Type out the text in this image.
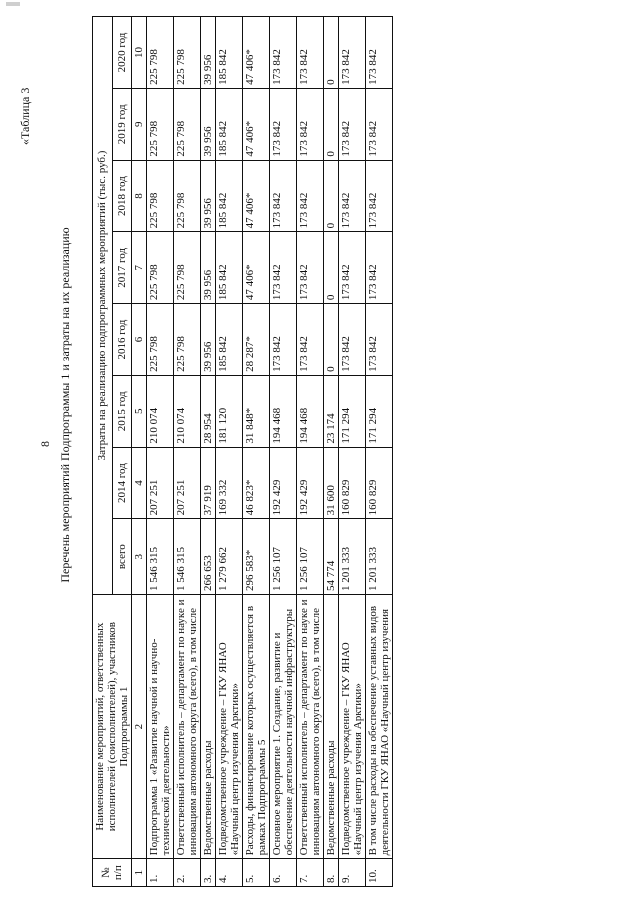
«Таблица 3
8 Перечень мероприятий Подпрограммы 1 и затраты на их реализацию
№ п/п	Наименование мероприятий, ответственных исполнителей (соисполнителей), участников Подпрограммы 1	Затраты на реализацию подпрограммных мероприятий (тыс. руб.)							
		всего	2014 год	2015 год	2016 год	2017 год	2018 год	2019 год	2020 год
1	2	3	4	5	6	7	8	9	10
1.	Подпрограмма 1 «Развитие научной и научно-технической деятельности»	1 546 315	207 251	210 074	225 798	225 798	225 798	225 798	225 798
2.	Ответственный исполнитель – департамент по науке и инновациям автономного округа (всего), в том числе	1 546 315	207 251	210 074	225 798	225 798	225 798	225 798	225 798
3.	Ведомственные расходы	266 653	37 919	28 954	39 956	39 956	39 956	39 956	39 956
4.	Подведомственное учреждение – ГКУ ЯНАО «Научный центр изучения Арктики»	1 279 662	169 332	181 120	185 842	185 842	185 842	185 842	185 842
5.	Расходы, финансирование которых осуществляется в рамках Подпрограммы 5	296 583*	46 823*	31 848*	28 287*	47 406*	47 406*	47 406*	47 406*
6.	Основное мероприятие 1. Создание, развитие и обеспечение деятельности научной инфраструктуры	1 256 107	192 429	194 468	173 842	173 842	173 842	173 842	173 842
7.	Ответственный исполнитель – департамент по науке и инновациям автономного округа (всего), в том числе	1 256 107	192 429	194 468	173 842	173 842	173 842	173 842	173 842
8.	Ведомственные расходы	54 774	31 600	23 174	0	0	0	0	0
9.	Подведомственное учреждение – ГКУ ЯНАО «Научный центр изучения Арктики»	1 201 333	160 829	171 294	173 842	173 842	173 842	173 842	173 842
10.	В том числе расходы на обеспечение уставных видов деятельности ГКУ ЯНАО «Научный центр изучения	1 201 333	160 829	171 294	173 842	173 842	173 842	173 842	173 842
